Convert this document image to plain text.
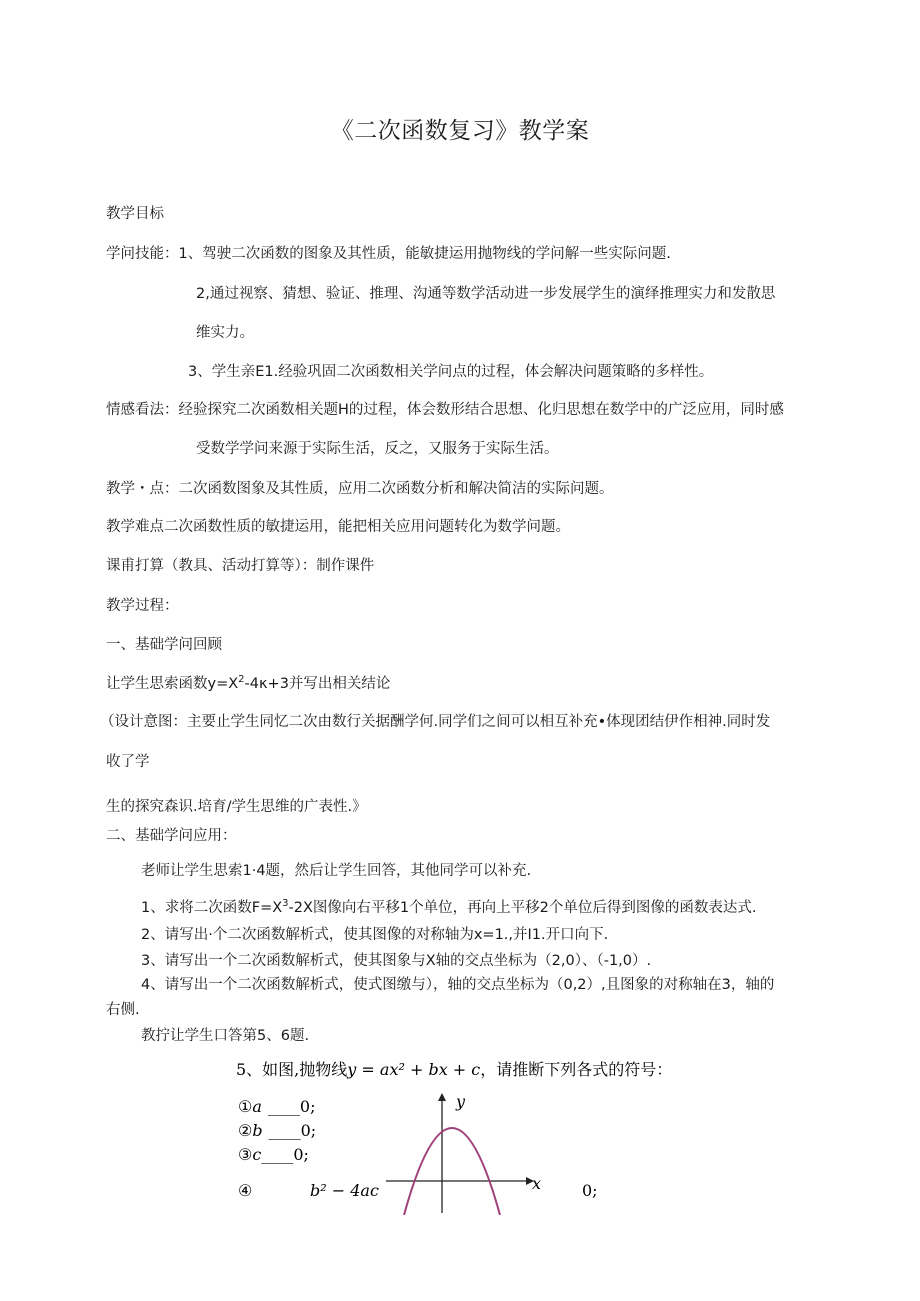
《二次函数复习》教学案
教学目标
学问技能：1、驾驶二次函数的图象及其性质，能敏捷运用抛物线的学问解一些实际问题.
2,通过视察、猜想、验证、推理、沟通等数学活动进一步发展学生的演绎推理实力和发散思
维实力。
3、学生亲E1.经验巩固二次函数相关学问点的过程，体会解决问题策略的多样性。
情感看法：经验探究二次函数相关题H的过程，体会数形结合思想、化归思想在数学中的广泛应用，同时感
受数学学问来源于实际生活，反之，又服务于实际生活。
教学・点：二次函数图象及其性质，应用二次函数分析和解决简洁的实际问题。
教学难点二次函数性质的敏捷运用，能把相关应用问题转化为数学问题。
课甫打算（教具、活动打算等）：制作课件
教学过程：
一、基础学问回顾
让学生思索函数$y=X^2-4\kappa+3$并写出相关结论
（设计意图：主要止学生同忆二次由数行关据酬学何.同学们之间可以相互补充•体现团结伊作相神.同时发
收了学
生的探究森识.培育/学生思维的广表性.》
二、基础学问应用：
老师让学生思索1·4题，然后让学生回答，其他同学可以补充.
1、求将二次函数$F=X^3-2X$图像向右平移1个单位，再向上平移2个单位后得到图像的函数表达式.
2、请写出·个二次函数解析式，使其图像的对称轴为x=1.,并I1.开口向下.
3、请写出一个二次函数解析式，使其图象与X轴的交点坐标为（2,0）、（-1,0）.
4、请写出一个二次函数解析式，使式图缴与），轴的交点坐标为（0,2）,且图象的对称轴在3，轴的
右侧.
教拧让学生口答第5、6题.
5、如图,抛物线y = ax² + bx + c，请推断下列各式的符号：
①a ____0;
②b ____0;
③c____0;
④	b² − 4ac	0;
x
y
